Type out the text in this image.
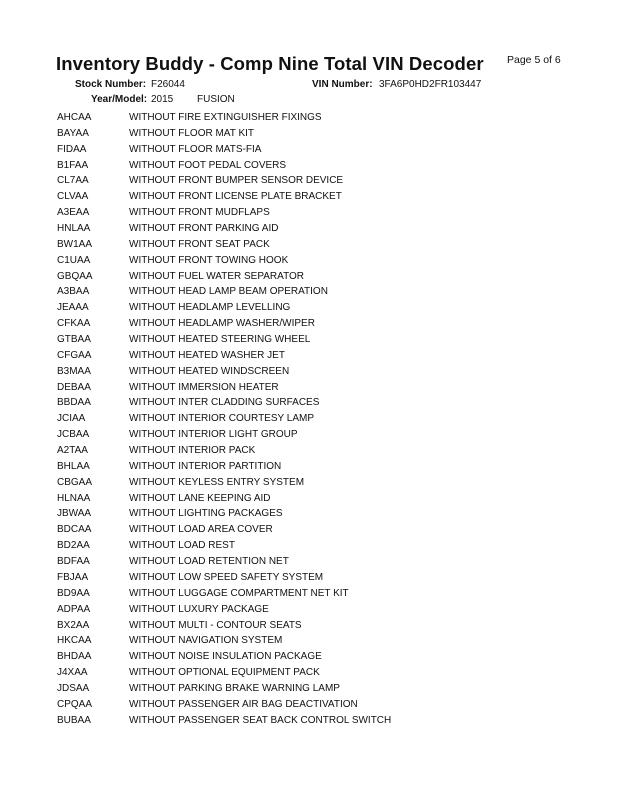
Inventory Buddy - Comp Nine Total VIN Decoder Page 5 of 6
Stock Number: F26044	VIN Number: 3FA6P0HD2FR103447
Year/Model: 2015 FUSION
AHCAA	WITHOUT FIRE EXTINGUISHER FIXINGS
BAYAA	WITHOUT FLOOR MAT KIT
FIDAA	WITHOUT FLOOR MATS-FIA
B1FAA	WITHOUT FOOT PEDAL COVERS
CL7AA	WITHOUT FRONT BUMPER SENSOR DEVICE
CLVAA	WITHOUT FRONT LICENSE PLATE BRACKET
A3EAA	WITHOUT FRONT MUDFLAPS
HNLAA	WITHOUT FRONT PARKING AID
BW1AA	WITHOUT FRONT SEAT PACK
C1UAA	WITHOUT FRONT TOWING HOOK
GBQAA	WITHOUT FUEL WATER SEPARATOR
A3BAA	WITHOUT HEAD LAMP BEAM OPERATION
JEAAA	WITHOUT HEADLAMP LEVELLING
CFKAA	WITHOUT HEADLAMP WASHER/WIPER
GTBAA	WITHOUT HEATED STEERING WHEEL
CFGAA	WITHOUT HEATED WASHER JET
B3MAA	WITHOUT HEATED WINDSCREEN
DEBAA	WITHOUT IMMERSION HEATER
BBDAA	WITHOUT INTER CLADDING SURFACES
JCIAA	WITHOUT INTERIOR COURTESY LAMP
JCBAA	WITHOUT INTERIOR LIGHT GROUP
A2TAA	WITHOUT INTERIOR PACK
BHLAA	WITHOUT INTERIOR PARTITION
CBGAA	WITHOUT KEYLESS ENTRY SYSTEM
HLNAA	WITHOUT LANE KEEPING AID
JBWAA	WITHOUT LIGHTING PACKAGES
BDCAA	WITHOUT LOAD AREA COVER
BD2AA	WITHOUT LOAD REST
BDFAA	WITHOUT LOAD RETENTION NET
FBJAA	WITHOUT LOW SPEED SAFETY SYSTEM
BD9AA	WITHOUT LUGGAGE COMPARTMENT NET KIT
ADPAA	WITHOUT LUXURY PACKAGE
BX2AA	WITHOUT MULTI - CONTOUR SEATS
HKCAA	WITHOUT NAVIGATION SYSTEM
BHDAA	WITHOUT NOISE INSULATION PACKAGE
J4XAA	WITHOUT OPTIONAL EQUIPMENT PACK
JDSAA	WITHOUT PARKING BRAKE WARNING LAMP
CPQAA	WITHOUT PASSENGER AIR BAG DEACTIVATION
BUBAA	WITHOUT PASSENGER SEAT BACK CONTROL SWITCH
